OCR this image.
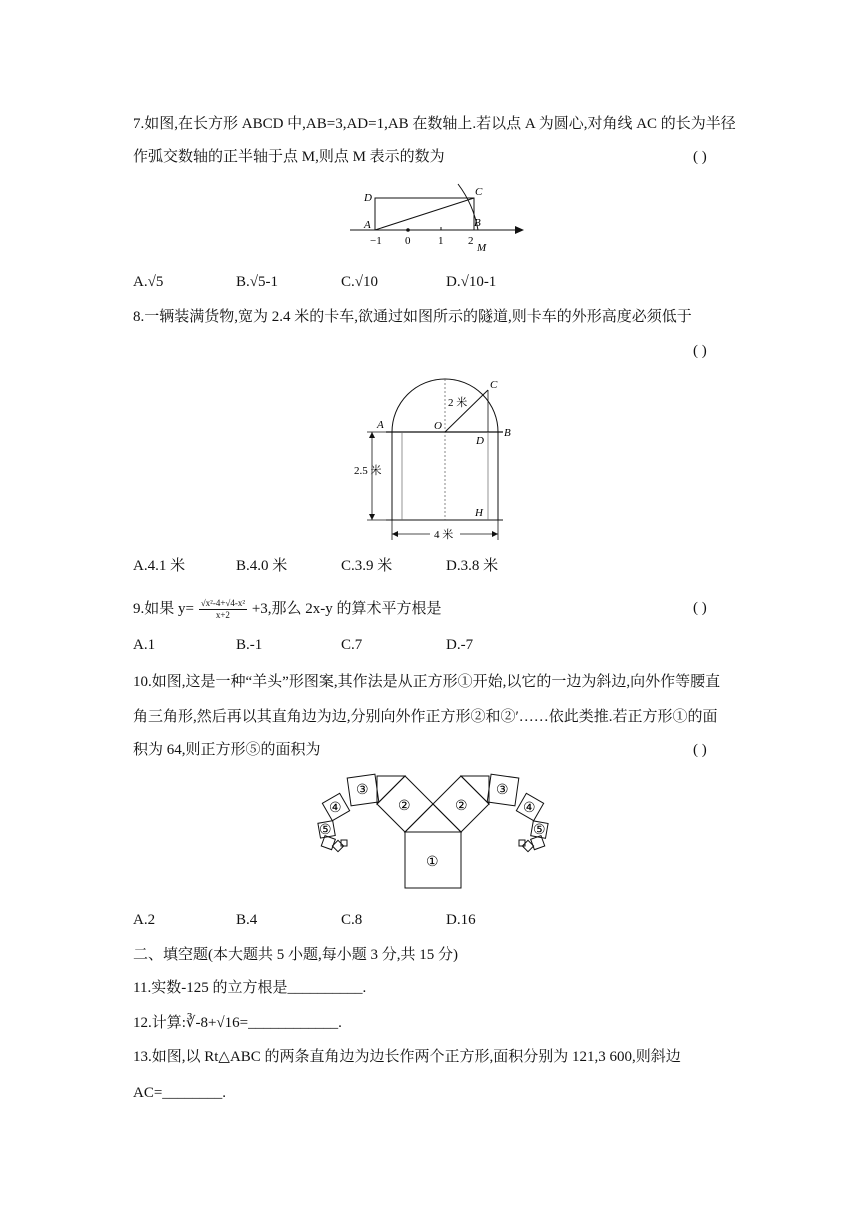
7.如图,在长方形 ABCD 中,AB=3,AD=1,AB 在数轴上.若以点 A 为圆心,对角线 AC 的长为半径
作弧交数轴的正半轴于点 M,则点 M 表示的数为	( )
D	C
A	B
M
−1 0	1 2
A.√5	B.√5-1	C.√10	D.√10-1
8.一辆装满货物,宽为 2.4 米的卡车,欲通过如图所示的隧道,则卡车的外形高度必须低于
( )
C
2 米
A	O
D
B
2.5 米
H
4 米
A.4.1 米	B.4.0 米	C.3.9 米	D.3.8 米
9.如果 $y= \frac{\text{√x²-4+√4-x²}}{x+2} +3$,那么 2x-y 的算术平方根是	( )
A.1	B.-1	C.7	D.-7
10.如图,这是一种“羊头”形图案,其作法是从正方形①开始,以它的一边为斜边,向外作等腰直
角三角形,然后再以其直角边为边,分别向外作正方形②和②′……依此类推.若正方形①的面
积为 64,则正方形⑤的面积为	( )
①
②	②
③	③
④	④
⑤	⑤
A.2	B.4	C.8	D.16
二、填空题(本大题共 5 小题,每小题 3 分,共 15 分)
11.实数-125 的立方根是__________.
12.计算:∛-8+√16=____________.
13.如图,以 Rt△ABC 的两条直角边为边长作两个正方形,面积分别为 121,3 600,则斜边
AC=________.
